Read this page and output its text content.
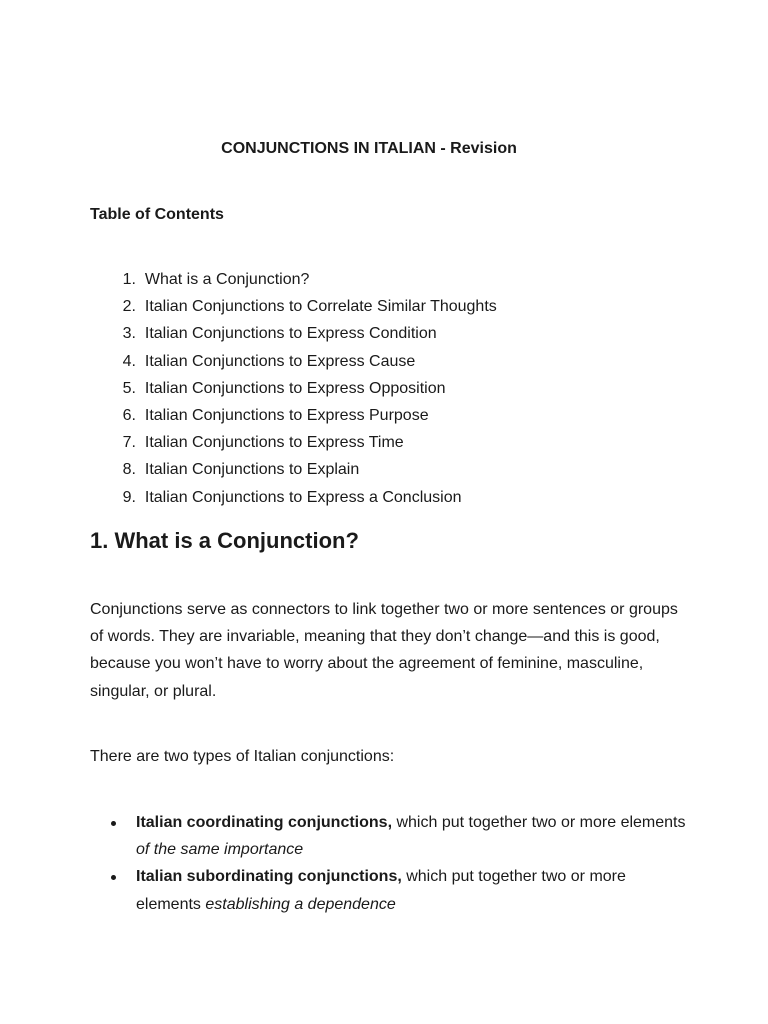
CONJUNCTIONS IN ITALIAN - Revision
Table of Contents
1.
What is a Conjunction?
2.
Italian Conjunctions to Correlate Similar Thoughts
3.
Italian Conjunctions to Express Condition
4.
Italian Conjunctions to Express Cause
5.
Italian Conjunctions to Express Opposition
6.
Italian Conjunctions to Express Purpose
7.
Italian Conjunctions to Express Time
8.
Italian Conjunctions to Explain
9.
Italian Conjunctions to Express a Conclusion
1. What is a Conjunction?

Conjunctions serve as connectors to link together two or more sentences or groups of words. They are invariable, meaning that they don’t change—and this is good, because you won’t have to worry about the agreement of feminine, masculine, singular, or plural.

There are two types of Italian conjunctions:

Italian coordinating conjunctions, which put together two or more elements of the same importance
Italian subordinating conjunctions, which put together two or more elements establishing a dependence
